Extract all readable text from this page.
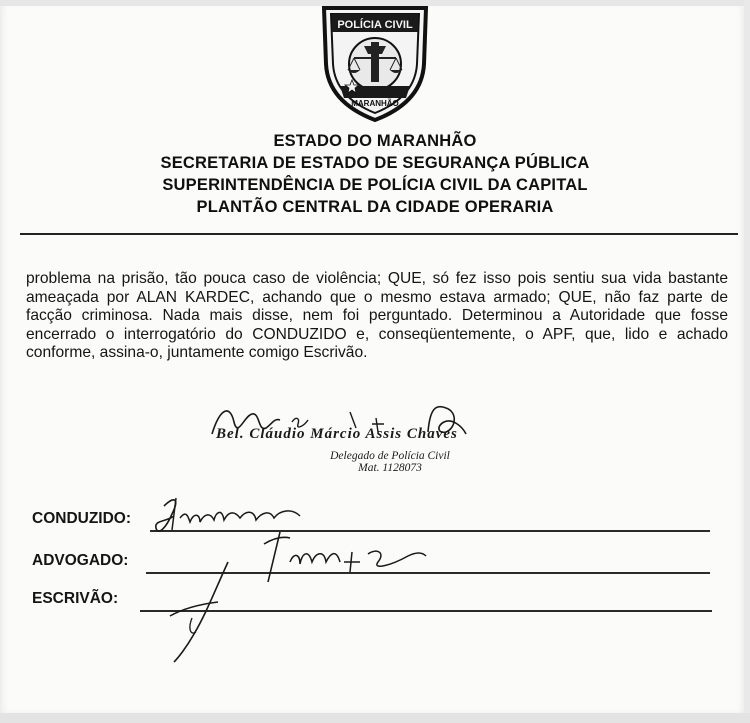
POLÍCIA CIVIL
MARANHÃO
ESTADO DO MARANHÃO
SECRETARIA DE ESTADO DE SEGURANÇA PÚBLICA
SUPERINTENDÊNCIA DE POLÍCIA CIVIL DA CAPITAL
PLANTÃO CENTRAL DA CIDADE OPERARIA
problema na prisão, tão pouca caso de violência; QUE, só fez isso pois sentiu sua vida bastante ameaçada por ALAN KARDEC, achando que o mesmo estava armado; QUE, não faz parte de facção criminosa. Nada mais disse, nem foi perguntado. Determinou a Autoridade que fosse encerrado o interrogatório do CONDUZIDO e, conseqüentemente, o APF, que, lido e achado conforme, assina-o, juntamente comigo Escrivão.
Bel. Cláudio Márcio Assis Chaves
Delegado de Polícia Civil
Mat. 1128073
CONDUZIDO:
ADVOGADO:
ESCRIVÃO:
